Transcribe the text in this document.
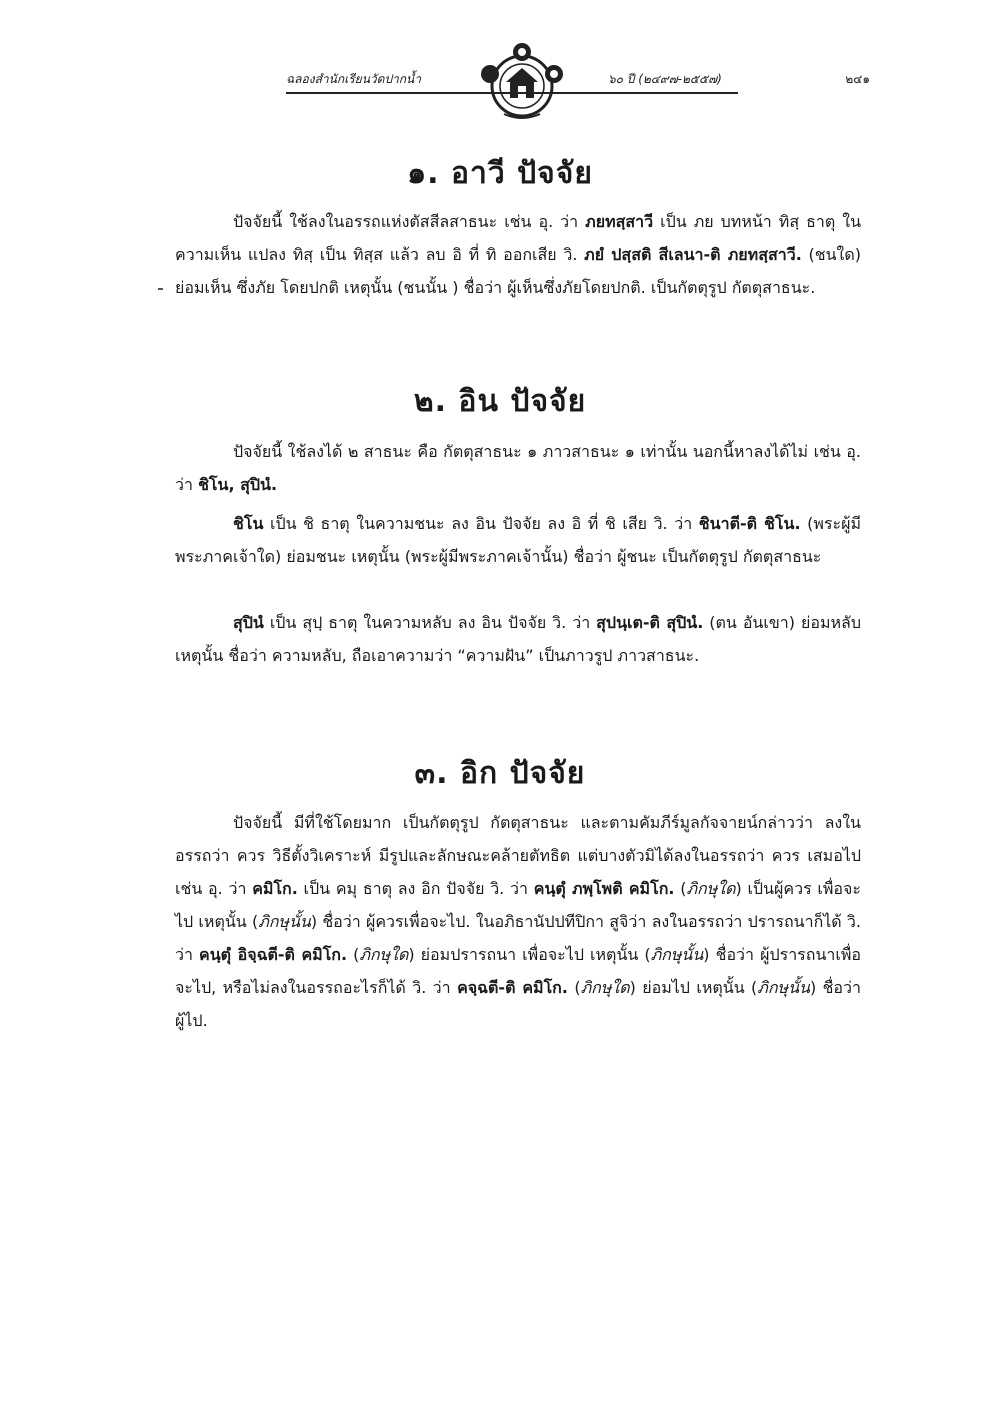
ฉลองสำนักเรียนวัดปากน้ำ	๖๐ ปี (๒๔๙๗-๒๕๕๗)	๒๔๑
๑. อาวี ปัจจัย

ปัจจัยนี้ ใช้ลงในอรรถแห่งตัสสีลสาธนะ เช่น อุ. ว่า ภยทสฺสาวี เป็น ภย บทหน้า ทิสฺ ธาตุ ในความเห็น แปลง ทิสฺ เป็น ทิสฺส แล้ว ลบ อิ ที่ ทิ ออกเสีย วิ. ภยํ ปสฺสติ สีเลนา-ติ ภยทสฺสาวี. (ชนใด) ย่อมเห็น ซึ่งภัย โดยปกติ เหตุนั้น (ชนนั้น ) ชื่อว่า ผู้เห็นซึ่งภัยโดยปกติ. เป็นกัตตุรูป กัตตุสาธนะ.

๒. อิน ปัจจัย

ปัจจัยนี้ ใช้ลงได้ ๒ สาธนะ คือ กัตตุสาธนะ ๑ ภาวสาธนะ ๑ เท่านั้น นอกนี้หาลงได้ไม่ เช่น อุ. ว่า ชิโน, สุปินํ.

ชิโน เป็น ชิ ธาตุ ในความชนะ ลง อิน ปัจจัย ลง อิ ที่ ชิ เสีย วิ. ว่า ชินาตี-ติ ชิโน. (พระผู้มีพระภาคเจ้าใด) ย่อมชนะ เหตุนั้น (พระผู้มีพระภาคเจ้านั้น) ชื่อว่า ผู้ชนะ เป็นกัตตุรูป กัตตุสาธนะ

สุปินํ เป็น สุปฺ ธาตุ ในความหลับ ลง อิน ปัจจัย วิ. ว่า สุปนฺเต-ติ สุปินํ. (ตน อันเขา) ย่อมหลับ เหตุนั้น ชื่อว่า ความหลับ, ถือเอาความว่า “ความฝัน” เป็นภาวรูป ภาวสาธนะ.

๓. อิก ปัจจัย

ปัจจัยนี้ มีที่ใช้โดยมาก เป็นกัตตุรูป กัตตุสาธนะ และตามคัมภีร์มูลกัจจายน์กล่าวว่า ลงในอรรถว่า ควร วิธีตั้งวิเคราะห์ มีรูปและลักษณะคล้ายตัทธิต แต่บางตัวมิได้ลงในอรรถว่า ควร เสมอไป เช่น อุ. ว่า คมิโก. เป็น คมุ ธาตุ ลง อิก ปัจจัย วิ. ว่า คนฺตุํ ภพฺโพติ คมิโก. (ภิกษุใด) เป็นผู้ควร เพื่อจะไป เหตุนั้น (ภิกษุนั้น) ชื่อว่า ผู้ควรเพื่อจะไป. ในอภิธานัปปทีปิกา สูจิว่า ลงในอรรถว่า ปรารถนาก็ได้ วิ. ว่า คนฺตุํ อิจฺฉตี-ติ คมิโก. (ภิกษุใด) ย่อมปรารถนา เพื่อจะไป เหตุนั้น (ภิกษุนั้น) ชื่อว่า ผู้ปรารถนาเพื่อจะไป, หรือไม่ลงในอรรถอะไรก็ได้ วิ. ว่า คจฺฉตี-ติ คมิโก. (ภิกษุใด) ย่อมไป เหตุนั้น (ภิกษุนั้น) ชื่อว่า ผู้ไป.
